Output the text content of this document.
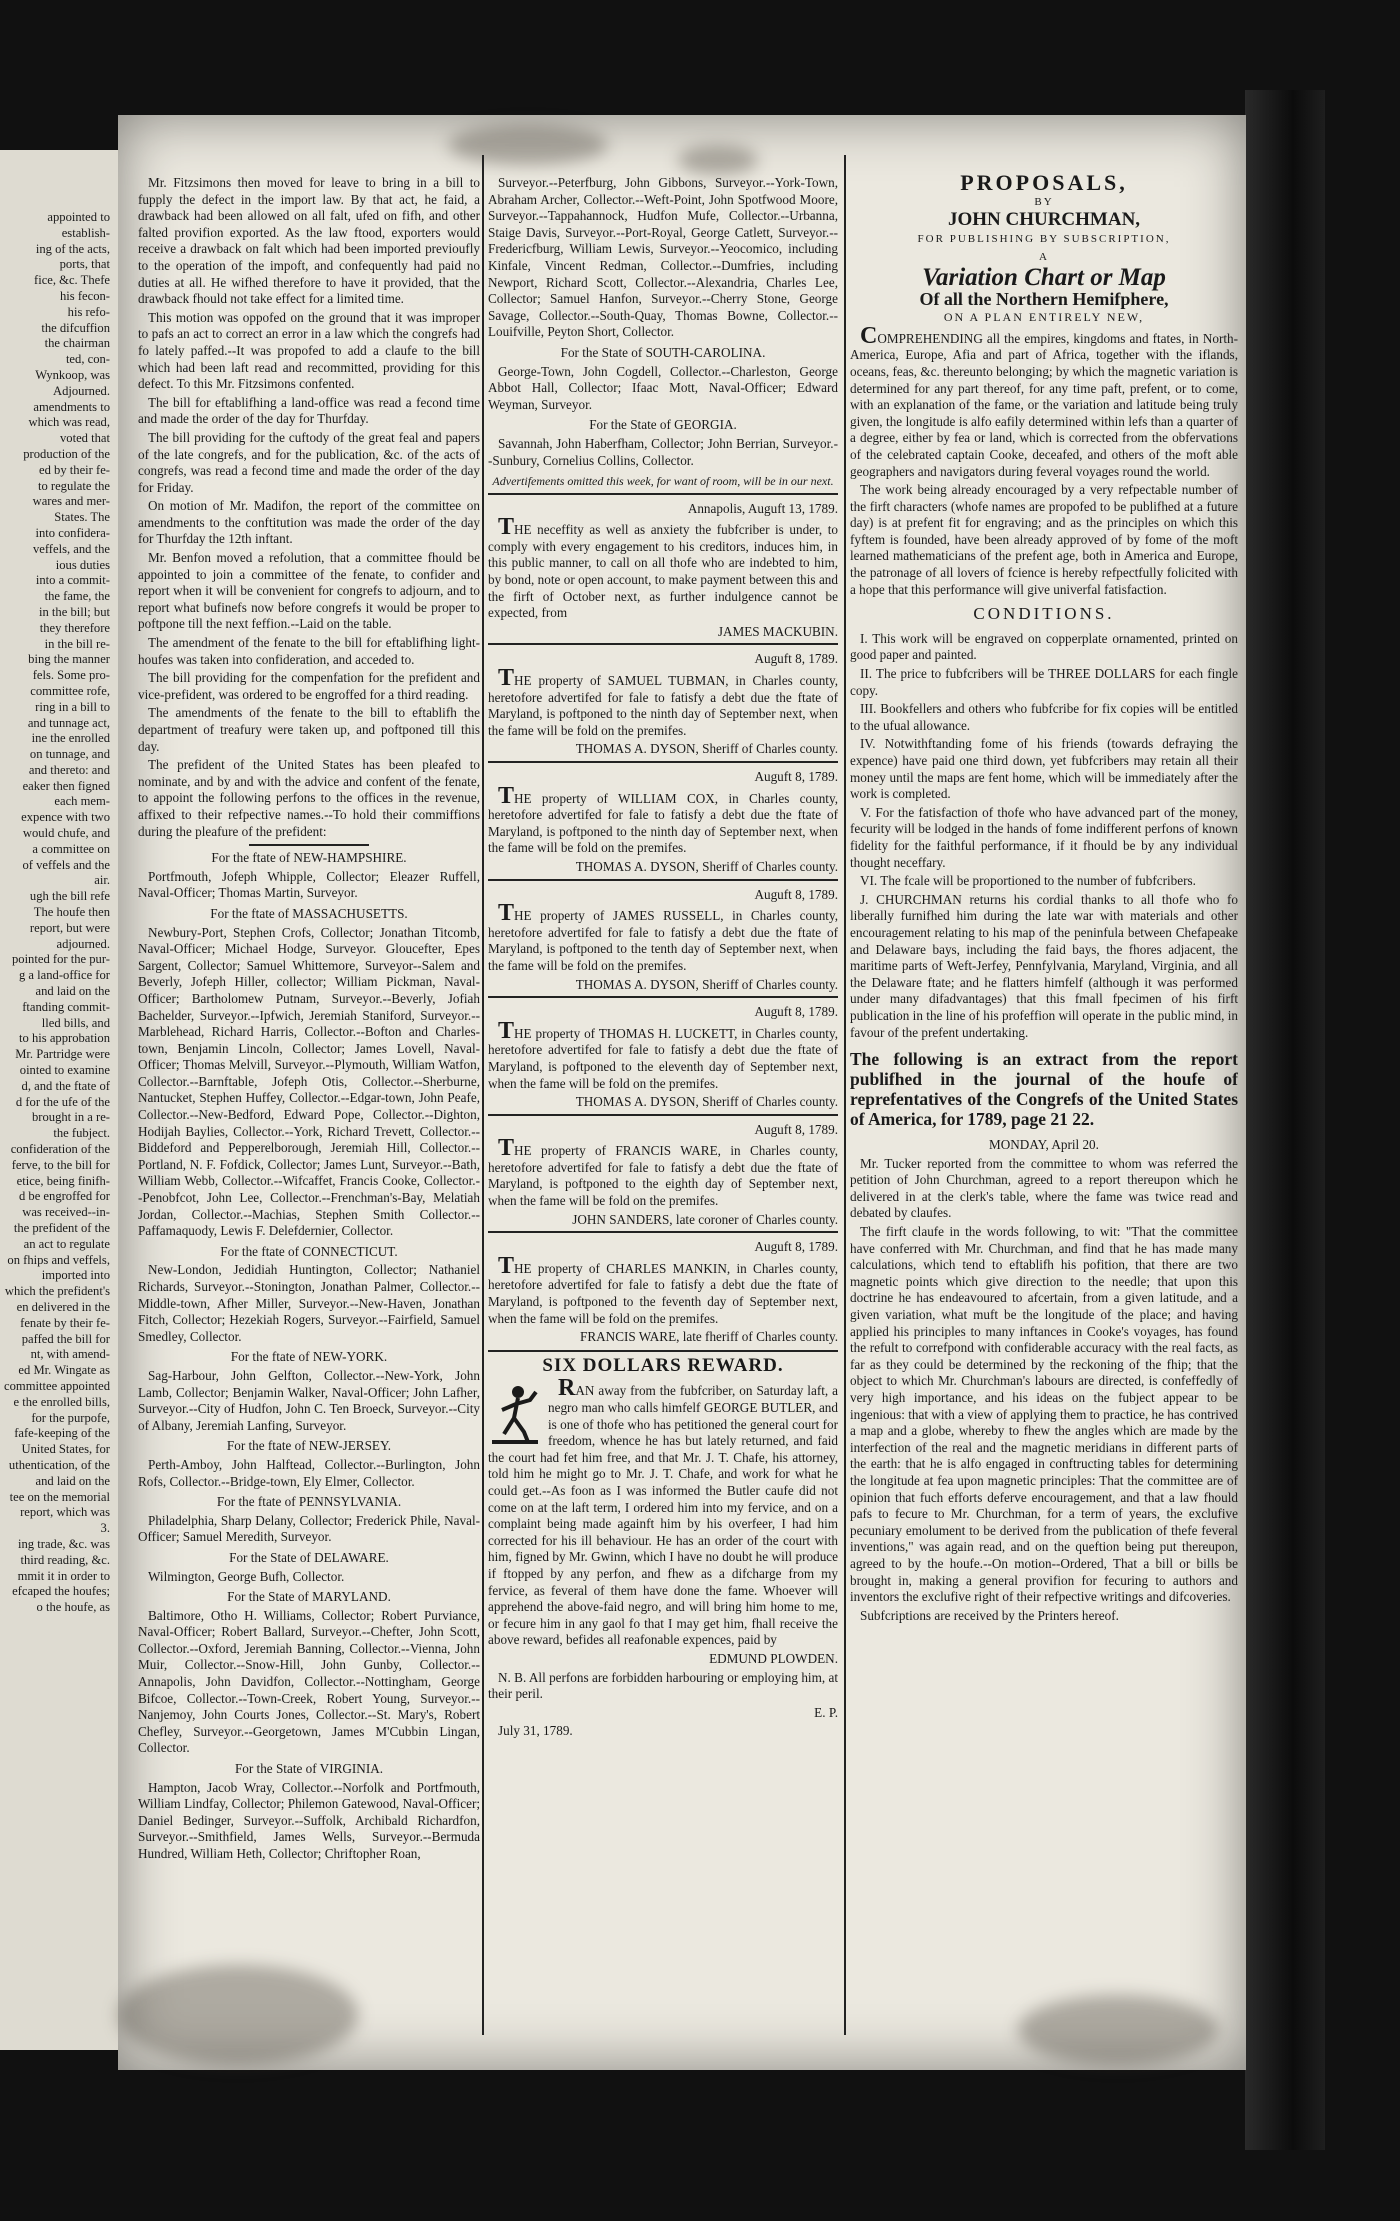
appointed to
establish-
ing of the acts,
ports, that
fice, &c. Thefe
his fecon-
his refo-
the difcuffion
the chairman
ted, con-
Wynkoop, was
Adjourned.
amendments to
which was read,
voted that
production of the
ed by their fe-
to regulate the
wares and mer-
States. The
into confidera-
veffels, and the
ious duties
into a commit-
the fame, the
in the bill; but
they therefore
in the bill re-
bing the manner
fels. Some pro-
committee rofe,
ring in a bill to
and tunnage act,
ine the enrolled
on tunnage, and
and thereto: and
eaker then figned
each mem-
expence with two
would chufe, and
a committee on
of veffels and the
air.
ugh the bill refe
The houfe then
report, but were
adjourned.
pointed for the pur-
g a land-office for
and laid on the
ftanding commit-
lled bills, and
to his approbation
Mr. Partridge were
ointed to examine
d, and the ftate of
d for the ufe of the
brought in a re-
the fubject.
confideration of the
ferve, to the bill for
etice, being finifh-
d be engroffed for
was received--in-
the prefident of the
an act to regulate
on fhips and veffels,
imported into
which the prefident's
en delivered in the
fenate by their fe-
paffed the bill for
nt, with amend-
ed Mr. Wingate as
committee appointed
e the enrolled bills,
for the purpofe,
fafe-keeping of the
United States, for
uthentication, of the
and laid on the
tee on the memorial
report, which was
3.
ing trade, &c. was
third reading, &c.
mmit it in order to
efcaped the houfes;
o the houfe, as

Mr. Fitzsimons then moved for leave to bring in a bill to fupply the defect in the import law. By that act, he faid, a drawback had been allowed on all falt, ufed on fifh, and other falted provifion exported. As the law ftood, exporters would receive a drawback on falt which had been imported previoufly to the operation of the impoft, and confequently had paid no duties at all. He wifhed therefore to have it provided, that the drawback fhould not take effect for a limited time.

This motion was oppofed on the ground that it was improper to pafs an act to correct an error in a law which the congrefs had fo lately paffed.--It was propofed to add a claufe to the bill which had been laft read and recommitted, providing for this defect. To this Mr. Fitzsimons confented.

The bill for eftablifhing a land-office was read a fecond time and made the order of the day for Thurfday.

The bill providing for the cuftody of the great feal and papers of the late congrefs, and for the publication, &c. of the acts of congrefs, was read a fecond time and made the order of the day for Friday.

On motion of Mr. Madifon, the report of the committee on amendments to the conftitution was made the order of the day for Thurfday the 12th inftant.

Mr. Benfon moved a refolution, that a committee fhould be appointed to join a committee of the fenate, to confider and report when it will be convenient for congrefs to adjourn, and to report what bufinefs now before congrefs it would be proper to poftpone till the next feffion.--Laid on the table.

The amendment of the fenate to the bill for eftablifhing light-houfes was taken into confideration, and acceded to.

The bill providing for the compenfation for the prefident and vice-prefident, was ordered to be engroffed for a third reading.

The amendments of the fenate to the bill to eftablifh the department of treafury were taken up, and poftponed till this day.

The prefident of the United States has been pleafed to nominate, and by and with the advice and confent of the fenate, to appoint the following perfons to the offices in the revenue, affixed to their refpective names.--To hold their commiffions during the pleafure of the prefident:

For the ftate of NEW-HAMPSHIRE.

Portfmouth, Jofeph Whipple, Collector; Eleazer Ruffell, Naval-Officer; Thomas Martin, Surveyor.

For the ftate of MASSACHUSETTS.

Newbury-Port, Stephen Crofs, Collector; Jonathan Titcomb, Naval-Officer; Michael Hodge, Surveyor. Gloucefter, Epes Sargent, Collector; Samuel Whittemore, Surveyor--Salem and Beverly, Jofeph Hiller, collector; William Pickman, Naval-Officer; Bartholomew Putnam, Surveyor.--Beverly, Jofiah Bachelder, Surveyor.--Ipfwich, Jeremiah Staniford, Surveyor.--Marblehead, Richard Harris, Collector.--Bofton and Charles-town, Benjamin Lincoln, Collector; James Lovell, Naval-Officer; Thomas Melvill, Surveyor.--Plymouth, William Watfon, Collector.--Barnftable, Jofeph Otis, Collector.--Sherburne, Nantucket, Stephen Huffey, Collector.--Edgar-town, John Peafe, Collector.--New-Bedford, Edward Pope, Collector.--Dighton, Hodijah Baylies, Collector.--York, Richard Trevett, Collector.--Biddeford and Pepperelborough, Jeremiah Hill, Collector.--Portland, N. F. Fofdick, Collector; James Lunt, Surveyor.--Bath, William Webb, Collector.--Wifcaffet, Francis Cooke, Collector.--Penobfcot, John Lee, Collector.--Frenchman's-Bay, Melatiah Jordan, Collector.--Machias, Stephen Smith Collector.--Paffamaquody, Lewis F. Delefdernier, Collector.

For the ftate of CONNECTICUT.

New-London, Jedidiah Huntington, Collector; Nathaniel Richards, Surveyor.--Stonington, Jonathan Palmer, Collector.--Middle-town, Afher Miller, Surveyor.--New-Haven, Jonathan Fitch, Collector; Hezekiah Rogers, Surveyor.--Fairfield, Samuel Smedley, Collector.

For the ftate of NEW-YORK.

Sag-Harbour, John Gelfton, Collector.--New-York, John Lamb, Collector; Benjamin Walker, Naval-Officer; John Lafher, Surveyor.--City of Hudfon, John C. Ten Broeck, Surveyor.--City of Albany, Jeremiah Lanfing, Surveyor.

For the ftate of NEW-JERSEY.

Perth-Amboy, John Halftead, Collector.--Burlington, John Rofs, Collector.--Bridge-town, Ely Elmer, Collector.

For the ftate of PENNSYLVANIA.

Philadelphia, Sharp Delany, Collector; Frederick Phile, Naval-Officer; Samuel Meredith, Surveyor.

For the State of DELAWARE.

Wilmington, George Bufh, Collector.

For the State of MARYLAND.

Baltimore, Otho H. Williams, Collector; Robert Purviance, Naval-Officer; Robert Ballard, Surveyor.--Chefter, John Scott, Collector.--Oxford, Jeremiah Banning, Collector.--Vienna, John Muir, Collector.--Snow-Hill, John Gunby, Collector.--Annapolis, John Davidfon, Collector.--Nottingham, George Bifcoe, Collector.--Town-Creek, Robert Young, Surveyor.--Nanjemoy, John Courts Jones, Collector.--St. Mary's, Robert Chefley, Surveyor.--Georgetown, James M'Cubbin Lingan, Collector.

For the State of VIRGINIA.

Hampton, Jacob Wray, Collector.--Norfolk and Portfmouth, William Lindfay, Collector; Philemon Gatewood, Naval-Officer; Daniel Bedinger, Surveyor.--Suffolk, Archibald Richardfon, Surveyor.--Smithfield, James Wells, Surveyor.--Bermuda Hundred, William Heth, Collector; Chriftopher Roan,

Surveyor.--Peterfburg, John Gibbons, Surveyor.--York-Town, Abraham Archer, Collector.--Weft-Point, John Spotfwood Moore, Surveyor.--Tappahannock, Hudfon Mufe, Collector.--Urbanna, Staige Davis, Surveyor.--Port-Royal, George Catlett, Surveyor.--Fredericfburg, William Lewis, Surveyor.--Yeocomico, including Kinfale, Vincent Redman, Collector.--Dumfries, including Newport, Richard Scott, Collector.--Alexandria, Charles Lee, Collector; Samuel Hanfon, Surveyor.--Cherry Stone, George Savage, Collector.--South-Quay, Thomas Bowne, Collector.--Louifville, Peyton Short, Collector.

For the State of SOUTH-CAROLINA.

George-Town, John Cogdell, Collector.--Charleston, George Abbot Hall, Collector; Ifaac Mott, Naval-Officer; Edward Weyman, Surveyor.

For the State of GEORGIA.

Savannah, John Haberfham, Collector; John Berrian, Surveyor.--Sunbury, Cornelius Collins, Collector.

Advertifements omitted this week, for want of room, will be in our next.

Annapolis, Auguft 13, 1789.

THE neceffity as well as anxiety the fubfcriber is under, to comply with every engagement to his creditors, induces him, in this public manner, to call on all thofe who are indebted to him, by bond, note or open account, to make payment between this and the firft of October next, as further indulgence cannot be expected, from

JAMES MACKUBIN.

Auguft 8, 1789.

THE property of SAMUEL TUBMAN, in Charles county, heretofore advertifed for fale to fatisfy a debt due the ftate of Maryland, is poftponed to the ninth day of September next, when the fame will be fold on the premifes.

THOMAS A. DYSON, Sheriff of Charles county.

Auguft 8, 1789.

THE property of WILLIAM COX, in Charles county, heretofore advertifed for fale to fatisfy a debt due the ftate of Maryland, is poftponed to the ninth day of September next, when the fame will be fold on the premifes.

THOMAS A. DYSON, Sheriff of Charles county.

Auguft 8, 1789.

THE property of JAMES RUSSELL, in Charles county, heretofore advertifed for fale to fatisfy a debt due the ftate of Maryland, is poftponed to the tenth day of September next, when the fame will be fold on the premifes.

THOMAS A. DYSON, Sheriff of Charles county.

Auguft 8, 1789.

THE property of THOMAS H. LUCKETT, in Charles county, heretofore advertifed for fale to fatisfy a debt due the ftate of Maryland, is poftponed to the eleventh day of September next, when the fame will be fold on the premifes.

THOMAS A. DYSON, Sheriff of Charles county.

Auguft 8, 1789.

THE property of FRANCIS WARE, in Charles county, heretofore advertifed for fale to fatisfy a debt due the ftate of Maryland, is poftponed to the eighth day of September next, when the fame will be fold on the premifes.

JOHN SANDERS, late coroner of Charles county.

Auguft 8, 1789.

THE property of CHARLES MANKIN, in Charles county, heretofore advertifed for fale to fatisfy a debt due the ftate of Maryland, is poftponed to the feventh day of September next, when the fame will be fold on the premifes.

FRANCIS WARE, late fheriff of Charles county.

SIX DOLLARS REWARD.

RAN away from the fubfcriber, on Saturday laft, a negro man who calls himfelf GEORGE BUTLER, and is one of thofe who has petitioned the general court for freedom, whence he has but lately returned, and faid the court had fet him free, and that Mr. J. T. Chafe, his attorney, told him he might go to Mr. J. T. Chafe, and work for what he could get.--As foon as I was informed the Butler caufe did not come on at the laft term, I ordered him into my fervice, and on a complaint being made againft him by his overfeer, I had him corrected for his ill behaviour. He has an order of the court with him, figned by Mr. Gwinn, which I have no doubt he will produce if ftopped by any perfon, and fhew as a difcharge from my fervice, as feveral of them have done the fame. Whoever will apprehend the above-faid negro, and will bring him home to me, or fecure him in any gaol fo that I may get him, fhall receive the above reward, befides all reafonable expences, paid by

EDMUND PLOWDEN.

N. B. All perfons are forbidden harbouring or employing him, at their peril.

E. P.

July 31, 1789.

PROPOSALS,
BY
JOHN CHURCHMAN,
FOR PUBLISHING BY SUBSCRIPTION,
A
Variation Chart or Map
Of all the Northern Hemifphere,
ON A PLAN ENTIRELY NEW,

COMPREHENDING all the empires, kingdoms and ftates, in North-America, Europe, Afia and part of Africa, together with the iflands, oceans, feas, &c. thereunto belonging; by which the magnetic variation is determined for any part thereof, for any time paft, prefent, or to come, with an explanation of the fame, or the variation and latitude being truly given, the longitude is alfo eafily determined within lefs than a quarter of a degree, either by fea or land, which is corrected from the obfervations of the celebrated captain Cooke, deceafed, and others of the moft able geographers and navigators during feveral voyages round the world.

The work being already encouraged by a very refpectable number of the firft characters (whofe names are propofed to be publifhed at a future day) is at prefent fit for engraving; and as the principles on which this fyftem is founded, have been already approved of by fome of the moft learned mathematicians of the prefent age, both in America and Europe, the patronage of all lovers of fcience is hereby refpectfully folicited with a hope that this performance will give univerfal fatisfaction.

CONDITIONS.

I. This work will be engraved on copperplate ornamented, printed on good paper and painted.

II. The price to fubfcribers will be THREE DOLLARS for each fingle copy.

III. Bookfellers and others who fubfcribe for fix copies will be entitled to the ufual allowance.

IV. Notwithftanding fome of his friends (towards defraying the expence) have paid one third down, yet fubfcribers may retain all their money until the maps are fent home, which will be immediately after the work is completed.

V. For the fatisfaction of thofe who have advanced part of the money, fecurity will be lodged in the hands of fome indifferent perfons of known fidelity for the faithful performance, if it fhould be by any individual thought neceffary.

VI. The fcale will be proportioned to the number of fubfcribers.

J. CHURCHMAN returns his cordial thanks to all thofe who fo liberally furnifhed him during the late war with materials and other encouragement relating to his map of the peninfula between Chefapeake and Delaware bays, including the faid bays, the fhores adjacent, the maritime parts of Weft-Jerfey, Pennfylvania, Maryland, Virginia, and all the Delaware ftate; and he flatters himfelf (although it was performed under many difadvantages) that this fmall fpecimen of his firft publication in the line of his profeffion will operate in the public mind, in favour of the prefent undertaking.

The following is an extract from the report publifhed in the journal of the houfe of reprefentatives of the Congrefs of the United States of America, for 1789, page 21 22.

MONDAY, April 20.

Mr. Tucker reported from the committee to whom was referred the petition of John Churchman, agreed to a report thereupon which he delivered in at the clerk's table, where the fame was twice read and debated by claufes.

The firft claufe in the words following, to wit: "That the committee have conferred with Mr. Churchman, and find that he has made many calculations, which tend to eftablifh his pofition, that there are two magnetic points which give direction to the needle; that upon this doctrine he has endeavoured to afcertain, from a given latitude, and a given variation, what muft be the longitude of the place; and having applied his principles to many inftances in Cooke's voyages, has found the refult to correfpond with confiderable accuracy with the real facts, as far as they could be determined by the reckoning of the fhip; that the object to which Mr. Churchman's labours are directed, is confeffedly of very high importance, and his ideas on the fubject appear to be ingenious: that with a view of applying them to practice, he has contrived a map and a globe, whereby to fhew the angles which are made by the interfection of the real and the magnetic meridians in different parts of the earth: that he is alfo engaged in conftructing tables for determining the longitude at fea upon magnetic principles: That the committee are of opinion that fuch efforts deferve encouragement, and that a law fhould pafs to fecure to Mr. Churchman, for a term of years, the exclufive pecuniary emolument to be derived from the publication of thefe feveral inventions," was again read, and on the queftion being put thereupon, agreed to by the houfe.--On motion--Ordered, That a bill or bills be brought in, making a general provifion for fecuring to authors and inventors the exclufive right of their refpective writings and difcoveries.

Subfcriptions are received by the Printers hereof.
